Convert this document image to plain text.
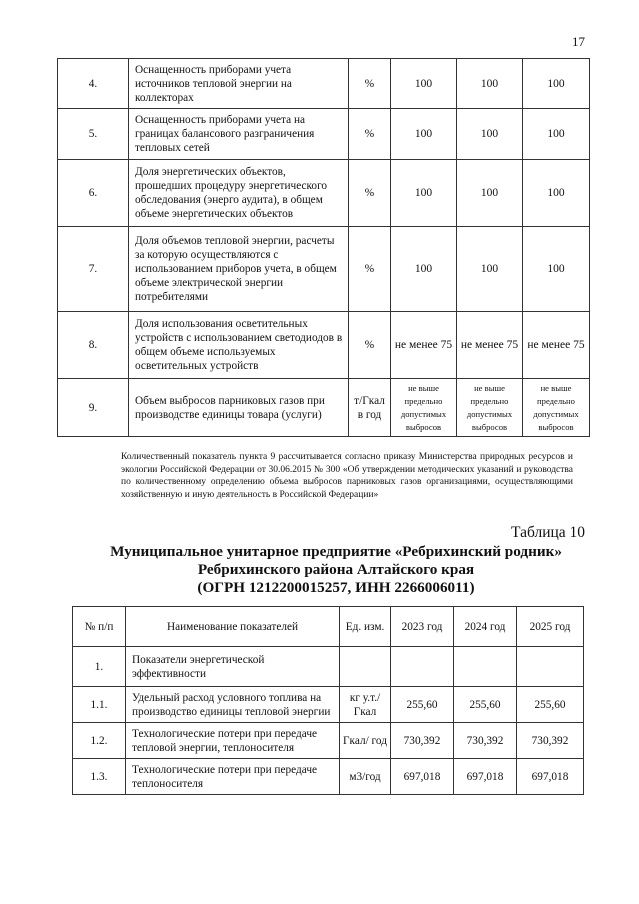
17
4.	Оснащенность приборами учета источников тепловой энергии на коллекторах	%	100	100	100
5.	Оснащенность приборами учета на границах балансового разграничения тепловых сетей	%	100	100	100
6.	Доля энергетических объектов, прошедших процедуру энергетического обследования (энерго аудита), в общем объеме энергетических объектов	%	100	100	100
7.	Доля объемов тепловой энергии, расчеты за которую осуществляются с использованием приборов учета, в общем объеме электрической энергии потребителями	%	100	100	100
8.	Доля использования осветительных устройств с использованием светодиодов в общем объеме используемых осветительных устройств	%	не менее 75	не менее 75	не менее 75
9.	Объем выбросов парниковых газов при производстве единицы товара (услуги)	т/Гкал в год	не выше предельно допустимых выбросов	не выше предельно допустимых выбросов	не выше предельно допустимых выбросов
Количественный показатель пункта 9 рассчитывается согласно приказу Министерства природных ресурсов и экологии Российской Федерации от 30.06.2015 № 300 «Об утверждении методических указаний и руководства по количественному определению объема выбросов парниковых газов организациями, осуществляющими хозяйственную и иную деятельность в Российской Федерации»
Таблица 10
Муниципальное унитарное предприятие «Ребрихинский родник»
Ребрихинского района Алтайского края
(ОГРН 1212200015257, ИНН 2266006011)
№ п/п	Наименование показателей	Ед. изм.	2023 год	2024 год	2025 год
1.	Показатели энергетической эффективности				
1.1.	Удельный расход условного топлива на производство единицы тепловой энергии	кг у.т./ Гкал	255,60	255,60	255,60
1.2.	Технологические потери при передаче тепловой энергии, теплоносителя	Гкал/ год	730,392	730,392	730,392
1.3.	Технологические потери при передаче теплоносителя	м3/год	697,018	697,018	697,018
